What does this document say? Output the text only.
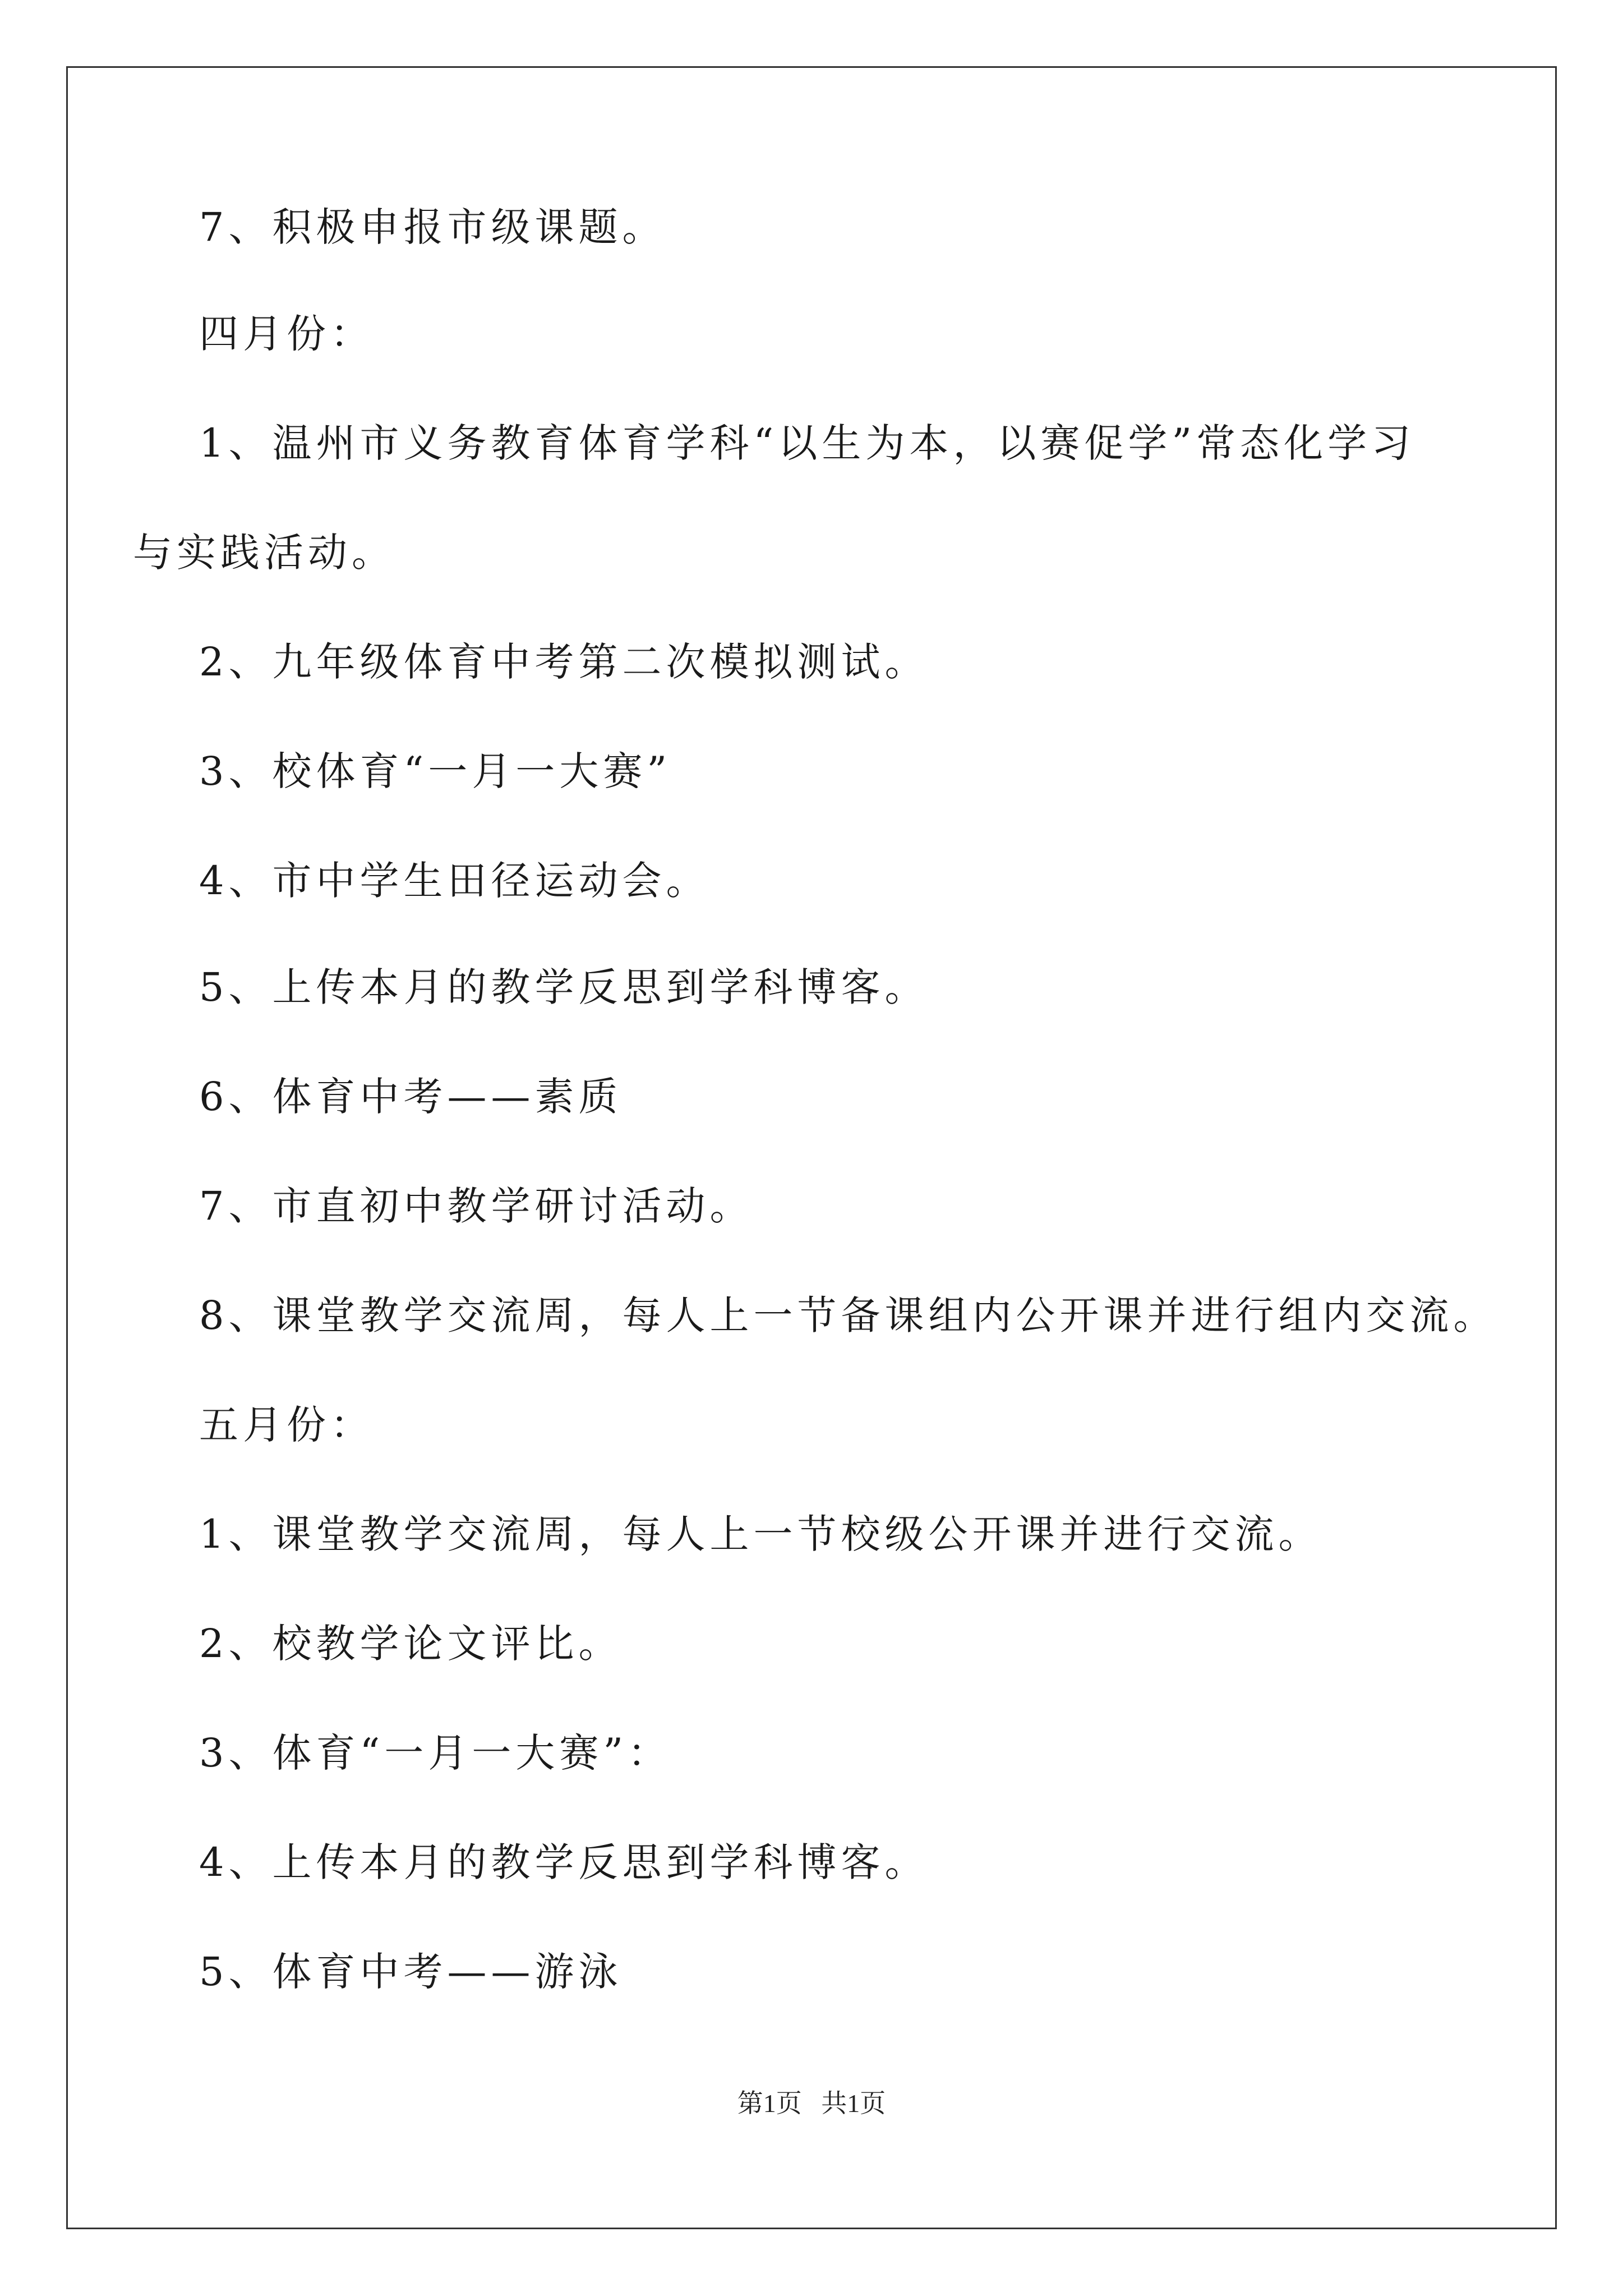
7、积极申报市级课题。
四月份：
1、温州市义务教育体育学科“以生为本，以赛促学”常态化学习
与实践活动。
2、九年级体育中考第二次模拟测试。
3、校体育“一月一大赛”
4、市中学生田径运动会。
5、上传本月的教学反思到学科博客。
6、体育中考——素质
7、市直初中教学研讨活动。
8、课堂教学交流周，每人上一节备课组内公开课并进行组内交流。
五月份：
1、课堂教学交流周，每人上一节校级公开课并进行交流。
2、校教学论文评比。
3、体育“一月一大赛”：
4、上传本月的教学反思到学科博客。
5、体育中考——游泳
第1页 共1页
